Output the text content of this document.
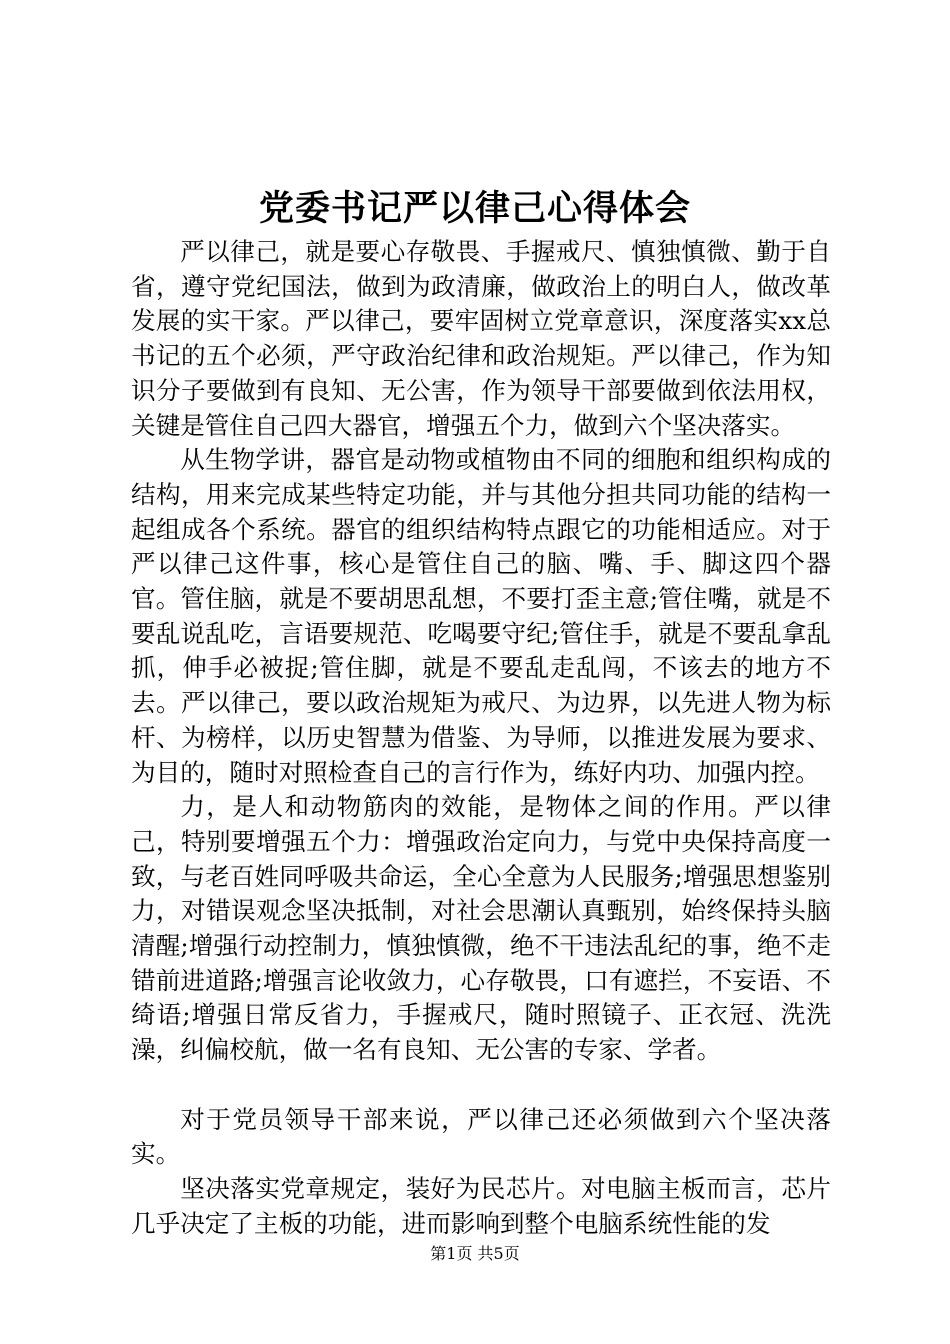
党委书记严以律己心得体会

严以律己，就是要心存敬畏、手握戒尺、慎独慎微、勤于自省，遵守党纪国法，做到为政清廉，做政治上的明白人，做改革发展的实干家。严以律己，要牢固树立党章意识，深度落实xx总书记的五个必须，严守政治纪律和政治规矩。严以律己，作为知识分子要做到有良知、无公害，作为领导干部要做到依法用权，关键是管住自己四大器官，增强五个力，做到六个坚决落实。

从生物学讲，器官是动物或植物由不同的细胞和组织构成的结构，用来完成某些特定功能，并与其他分担共同功能的结构一起组成各个系统。器官的组织结构特点跟它的功能相适应。对于严以律己这件事，核心是管住自己的脑、嘴、手、脚这四个器官。管住脑，就是不要胡思乱想，不要打歪主意;管住嘴，就是不要乱说乱吃，言语要规范、吃喝要守纪;管住手，就是不要乱拿乱抓，伸手必被捉;管住脚，就是不要乱走乱闯，不该去的地方不去。严以律己，要以政治规矩为戒尺、为边界，以先进人物为标杆、为榜样，以历史智慧为借鉴、为导师，以推进发展为要求、为目的，随时对照检查自己的言行作为，练好内功、加强内控。

力，是人和动物筋肉的效能，是物体之间的作用。严以律己，特别要增强五个力：增强政治定向力，与党中央保持高度一致，与老百姓同呼吸共命运，全心全意为人民服务;增强思想鉴别力，对错误观念坚决抵制，对社会思潮认真甄别，始终保持头脑清醒;增强行动控制力，慎独慎微，绝不干违法乱纪的事，绝不走错前进道路;增强言论收敛力，心存敬畏，口有遮拦，不妄语、不绮语;增强日常反省力，手握戒尺，随时照镜子、正衣冠、洗洗澡，纠偏校航，做一名有良知、无公害的专家、学者。

对于党员领导干部来说，严以律己还必须做到六个坚决落实。

坚决落实党章规定，装好为民芯片。对电脑主板而言，芯片几乎决定了主板的功能，进而影响到整个电脑系统性能的发

第1页 共5页
